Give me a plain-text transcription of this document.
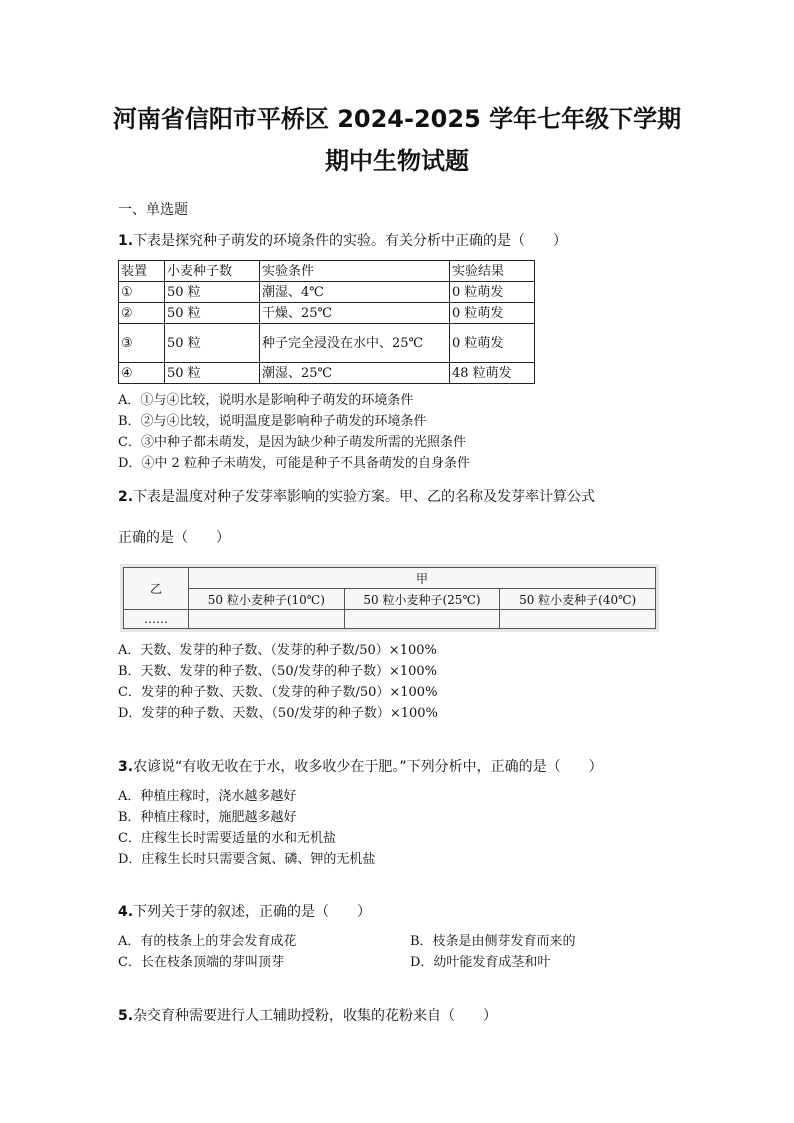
河南省信阳市平桥区 2024-2025 学年七年级下学期
期中生物试题
一、单选题
1.下表是探究种子萌发的环境条件的实验。有关分析中正确的是（　　）
装置	小麦种子数	实验条件	实验结果
①	50 粒	潮湿、4℃	0 粒萌发
②	50 粒	干燥、25℃	0 粒萌发
③	50 粒	种子完全浸没在水中、25℃	0 粒萌发
④	50 粒	潮湿、25℃	48 粒萌发
A．①与④比较，说明水是影响种子萌发的环境条件
B．②与④比较，说明温度是影响种子萌发的环境条件
C．③中种子都未萌发，是因为缺少种子萌发所需的光照条件
D．④中 2 粒种子未萌发，可能是种子不具备萌发的自身条件
2.下表是温度对种子发芽率影响的实验方案。甲、乙的名称及发芽率计算公式
正确的是（　　）
乙	甲		
	50 粒小麦种子(10℃)	50 粒小麦种子(25℃)	50 粒小麦种子(40℃)
……			
A．天数、发芽的种子数、（发芽的种子数/50）×100%
B．天数、发芽的种子数、（50/发芽的种子数）×100%
C．发芽的种子数、天数、（发芽的种子数/50）×100%
D．发芽的种子数、天数、（50/发芽的种子数）×100%
3.农谚说“有收无收在于水，收多收少在于肥。”下列分析中，正确的是（　　）
A．种植庄稼时，浇水越多越好
B．种植庄稼时，施肥越多越好
C．庄稼生长时需要适量的水和无机盐
D．庄稼生长时只需要含氮、磷、钾的无机盐
4.下列关于芽的叙述，正确的是（　　）
A．有的枝条上的芽会发育成花	B．枝条是由侧芽发育而来的
C．长在枝条顶端的芽叫顶芽	D．幼叶能发育成茎和叶
5.杂交育种需要进行人工辅助授粉，收集的花粉来自（　　）
